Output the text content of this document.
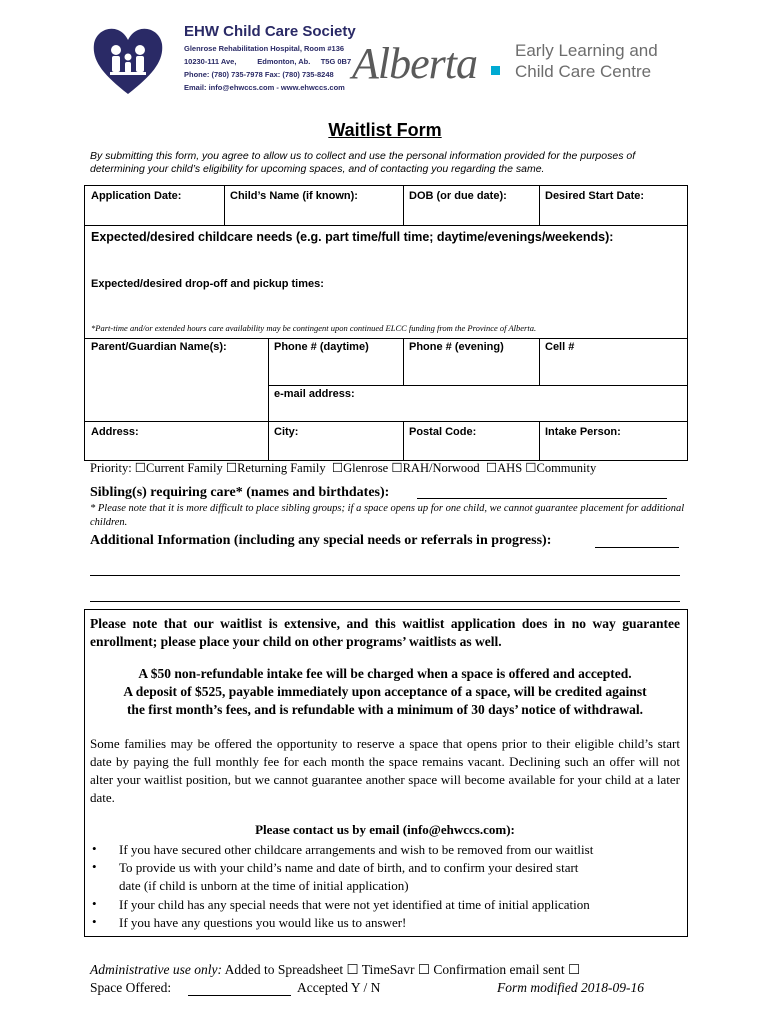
EHW Child Care Society
Glenrose Rehabilitation Hospital, Room #136
10230-111 Ave,          Edmonton, Ab.     T5G 0B7
Phone: (780) 735-7978 Fax: (780) 735-8248
Email: info@ehwccs.com - www.ehwccs.com Alberta Early Learning and
Child Care Centre
Waitlist Form
By submitting this form, you agree to allow us to collect and use the personal information provided for the purposes of determining your child’s eligibility for upcoming spaces, and of contacting you regarding the same.
Application Date:	Child’s Name (if known):	DOB (or due date):	Desired Start Date:
Expected/desired childcare needs (e.g. part time/full time; daytime/evenings/weekends):
Expected/desired drop-off and pickup times:
*Part-time and/or extended hours care availability may be contingent upon continued ELCC funding from the Province of Alberta.
Parent/Guardian Name(s):	Phone # (daytime)	Phone # (evening)	Cell #
e-mail address:
Address:	City:	Postal Code:	Intake Person:
Priority: ☐Current Family ☐Returning Family ☐Glenrose ☐RAH/Norwood ☐AHS ☐Community
Sibling(s) requiring care* (names and birthdates):
* Please note that it is more difficult to place sibling groups; if a space opens up for one child, we cannot guarantee placement for additional children.
Additional Information (including any special needs or referrals in progress):
Please note that our waitlist is extensive, and this waitlist application does in no way guarantee enrollment; please place your child on other programs’ waitlists as well.
A $50 non-refundable intake fee will be charged when a space is offered and accepted.
A deposit of $525, payable immediately upon acceptance of a space, will be credited against
the first month’s fees, and is refundable with a minimum of 30 days’ notice of withdrawal.
Some families may be offered the opportunity to reserve a space that opens prior to their eligible child’s start date by paying the full monthly fee for each month the space remains vacant. Declining such an offer will not alter your waitlist position, but we cannot guarantee another space will become available for your child at a later date.
Please contact us by email (info@ehwccs.com):
• If you have secured other childcare arrangements and wish to be removed from our waitlist
• To provide us with your child’s name and date of birth, and to confirm your desired start
date (if child is unborn at the time of initial application)
• If your child has any special needs that were not yet identified at time of initial application
• If you have any questions you would like us to answer!
Administrative use only: Added to Spreadsheet ☐ TimeSavr ☐ Confirmation email sent ☐
Space Offered:	Accepted Y / N	Form modified 2018-09-16
